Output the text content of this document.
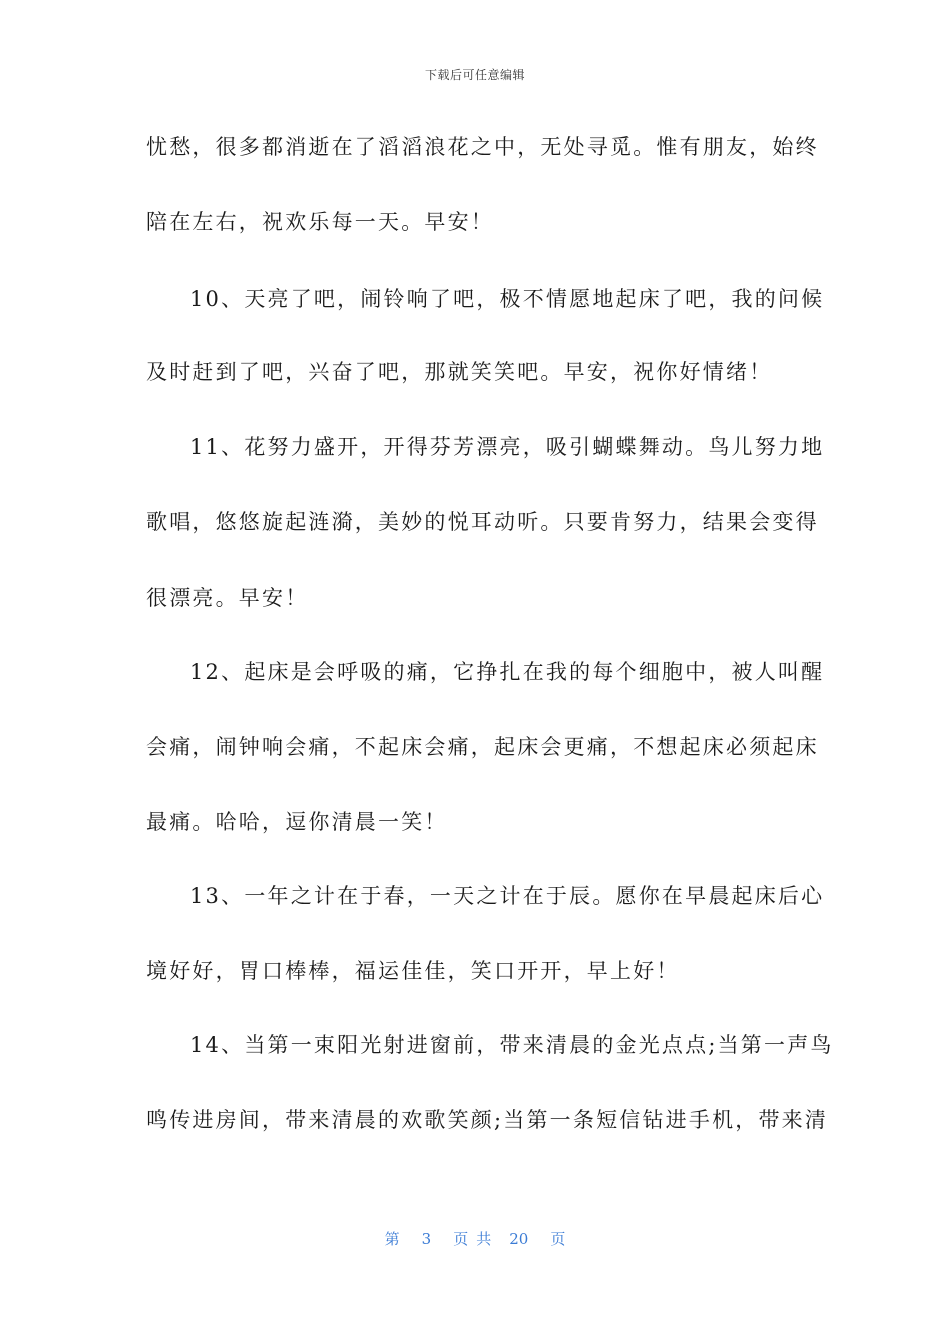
下载后可任意编辑
忧愁，很多都消逝在了滔滔浪花之中，无处寻觅。惟有朋友，始终
陪在左右，祝欢乐每一天。早安！
10、天亮了吧，闹铃响了吧，极不情愿地起床了吧，我的问候
及时赶到了吧，兴奋了吧，那就笑笑吧。早安，祝你好情绪！
11、花努力盛开，开得芬芳漂亮，吸引蝴蝶舞动。鸟儿努力地
歌唱，悠悠旋起涟漪，美妙的悦耳动听。只要肯努力，结果会变得
很漂亮。早安！
12、起床是会呼吸的痛，它挣扎在我的每个细胞中，被人叫醒
会痛，闹钟响会痛，不起床会痛，起床会更痛，不想起床必须起床
最痛。哈哈，逗你清晨一笑！
13、一年之计在于春，一天之计在于辰。愿你在早晨起床后心
境好好，胃口棒棒，福运佳佳，笑口开开，早上好！
14、当第一束阳光射进窗前，带来清晨的金光点点;当第一声鸟
鸣传进房间，带来清晨的欢歌笑颜;当第一条短信钻进手机，带来清
第 3 页共 20 页
